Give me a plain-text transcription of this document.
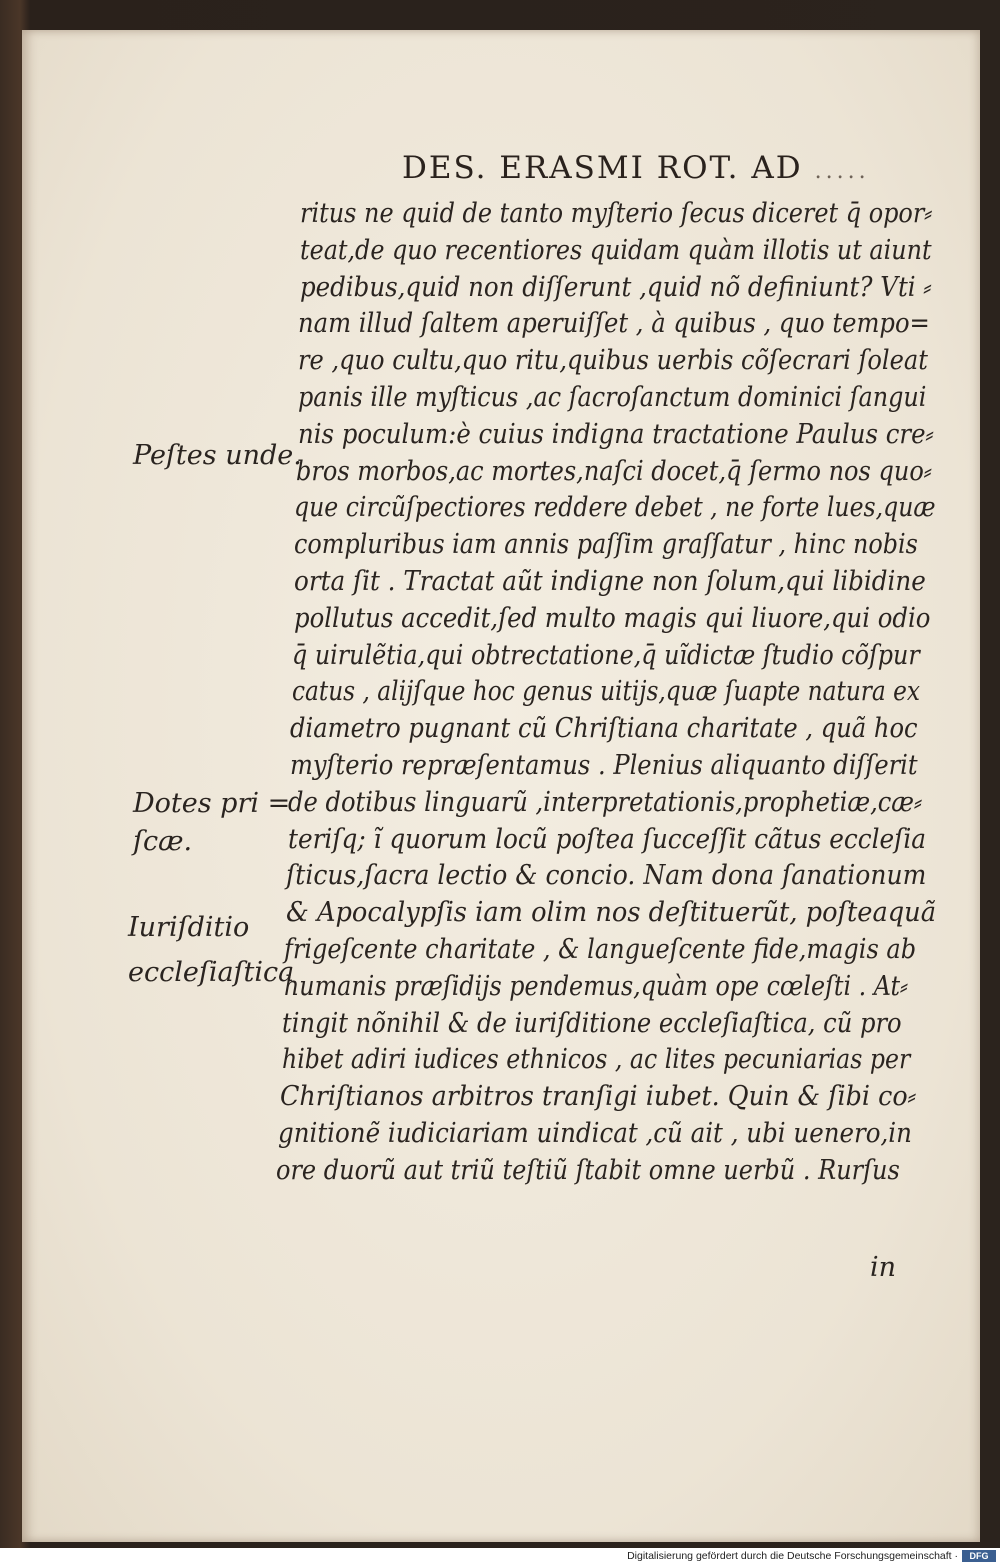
DES. ERASMI ROT. AD .....
ritus ne quid de tanto myſterio ſecus diceret q̄ opor⸗
teat,de quo recentiores quidam quàm illotis ut aiunt
pedibus,quid non diſſerunt ,quid nõ definiunt? Vti ⸗
nam illud ſaltem aperuiſſet , à quibus , quo tempo=
re ,quo cultu,quo ritu,quibus uerbis cõſecrari ſoleat
panis ille myſticus ,ac ſacroſanctum dominici ſangui
nis poculum:è cuius indigna tractatione Paulus cre⸗
bros morbos,ac mortes,naſci docet,q̄ ſermo nos quo⸗
que circũſpectiores reddere debet , ne forte lues,quæ
compluribus iam annis paſſim graſſatur , hinc nobis
orta ſit . Tractat aũt indigne non ſolum,qui libidine
pollutus accedit,ſed multo magis qui liuore,qui odio
q̄ uirulẽtia,qui obtrectatione,q̄ uĩdictæ ſtudio cõſpur
catus , alijſque hoc genus uitijs,quæ ſuapte natura ex
diametro pugnant cũ Chriſtiana charitate , quã hoc
myſterio repræſentamus . Plenius aliquanto diſſerit
de dotibus linguarũ ,interpretationis,prophetiæ,cæ⸗
teriſq; ĩ quorum locũ poſtea ſucceſſit cãtus eccleſia
ſticus,ſacra lectio & concio. Nam dona ſanationum
& Apocalypſis iam olim nos deſtituerũt, poſteaquã
frigeſcente charitate , & langueſcente fide,magis ab
humanis præſidijs pendemus,quàm ope cœleſti . At⸗
tingit nõnihil & de iuriſditione eccleſiaſtica, cũ pro
hibet adiri iudices ethnicos , ac lites pecuniarias per
Chriſtianos arbitros tranſigi iubet. Quin & ſibi co⸗
gnitionẽ iudiciariam uindicat ,cũ ait , ubi uenero,in
ore duorũ aut triũ teſtiũ ſtabit omne uerbũ . Rurſus
Peſtes unde.
Dotes pri =
ſcæ.
Iuriſditio
eccleſiaſtica
in
Digitalisierung gefördert durch die Deutsche Forschungsgemeinschaft ·	DFG
